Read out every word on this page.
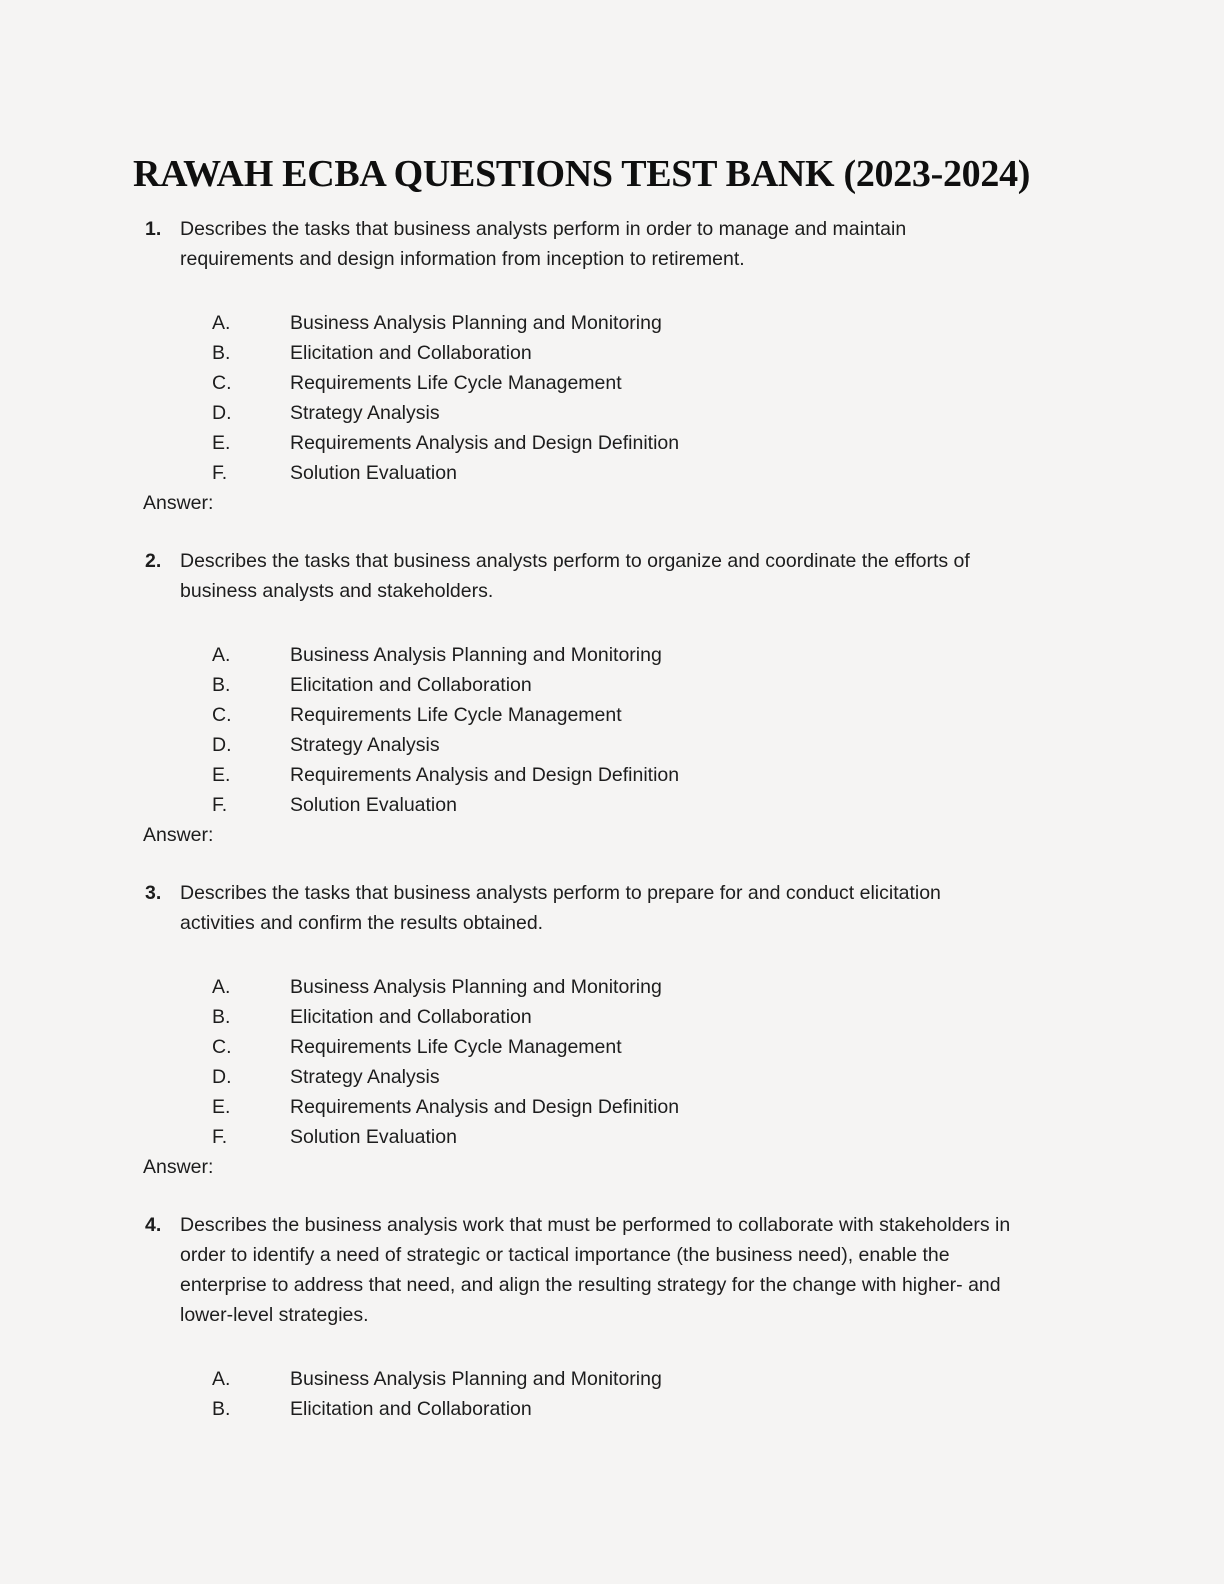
RAWAH ECBA QUESTIONS TEST BANK (2023-2024)
1. Describes the tasks that business analysts perform in order to manage and maintain
requirements and design information from inception to retirement.
A.	Business Analysis Planning and Monitoring
B.	Elicitation and Collaboration
C.	Requirements Life Cycle Management
D.	Strategy Analysis
E.	Requirements Analysis and Design Definition
F.	Solution Evaluation
Answer:
2. Describes the tasks that business analysts perform to organize and coordinate the efforts of
business analysts and stakeholders.
A.	Business Analysis Planning and Monitoring
B.	Elicitation and Collaboration
C.	Requirements Life Cycle Management
D.	Strategy Analysis
E.	Requirements Analysis and Design Definition
F.	Solution Evaluation
Answer:
3. Describes the tasks that business analysts perform to prepare for and conduct elicitation
activities and confirm the results obtained.
A.	Business Analysis Planning and Monitoring
B.	Elicitation and Collaboration
C.	Requirements Life Cycle Management
D.	Strategy Analysis
E.	Requirements Analysis and Design Definition
F.	Solution Evaluation
Answer:
4. Describes the business analysis work that must be performed to collaborate with stakeholders in
order to identify a need of strategic or tactical importance (the business need), enable the
enterprise to address that need, and align the resulting strategy for the change with higher- and
lower-level strategies.
A.	Business Analysis Planning and Monitoring
B.	Elicitation and Collaboration
